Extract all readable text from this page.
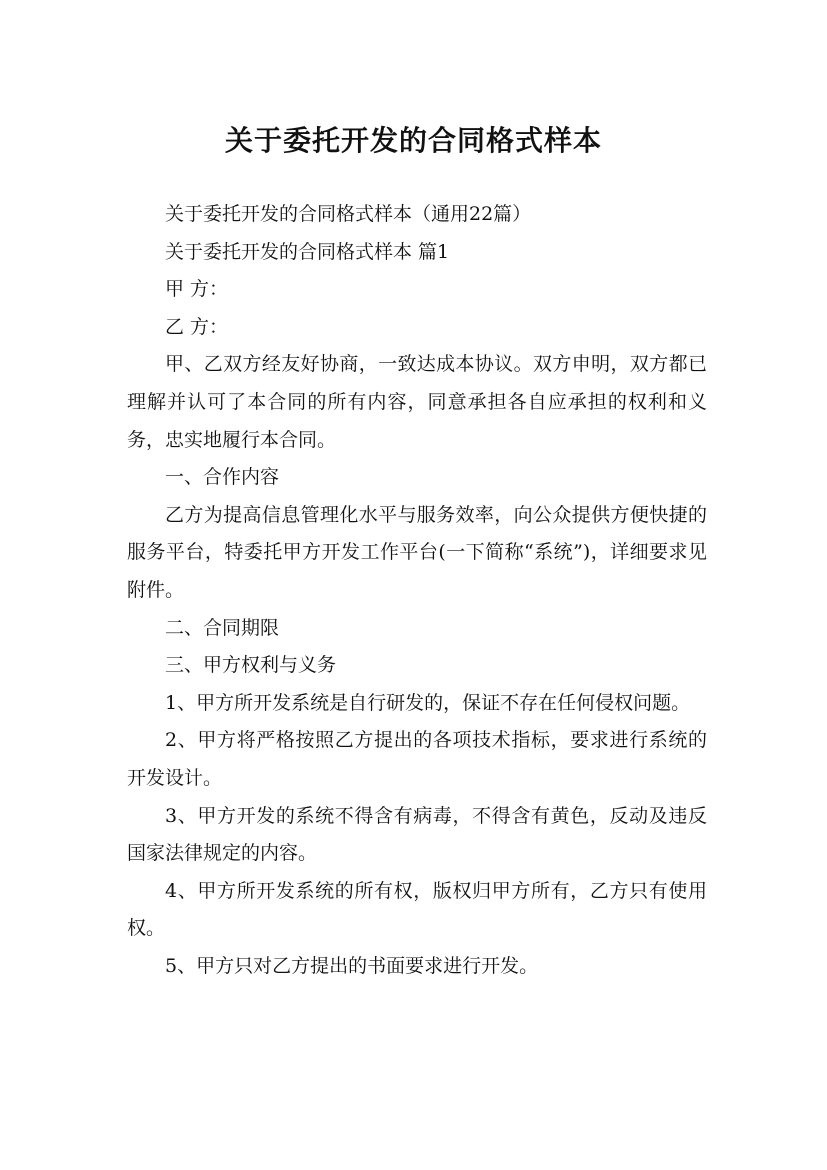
关于委托开发的合同格式样本

关于委托开发的合同格式样本（通用22篇）

关于委托开发的合同格式样本 篇1

甲 方：

乙 方：

甲、乙双方经友好协商，一致达成本协议。双方申明，双方都已理解并认可了本合同的所有内容，同意承担各自应承担的权利和义务，忠实地履行本合同。

一、合作内容

乙方为提高信息管理化水平与服务效率，向公众提供方便快捷的服务平台，特委托甲方开发工作平台(一下简称“系统”)，详细要求见附件。

二、合同期限

三、甲方权利与义务

1、甲方所开发系统是自行研发的，保证不存在任何侵权问题。

2、甲方将严格按照乙方提出的各项技术指标，要求进行系统的开发设计。

3、甲方开发的系统不得含有病毒，不得含有黄色，反动及违反国家法律规定的内容。

4、甲方所开发系统的所有权，版权归甲方所有，乙方只有使用权。

5、甲方只对乙方提出的书面要求进行开发。
